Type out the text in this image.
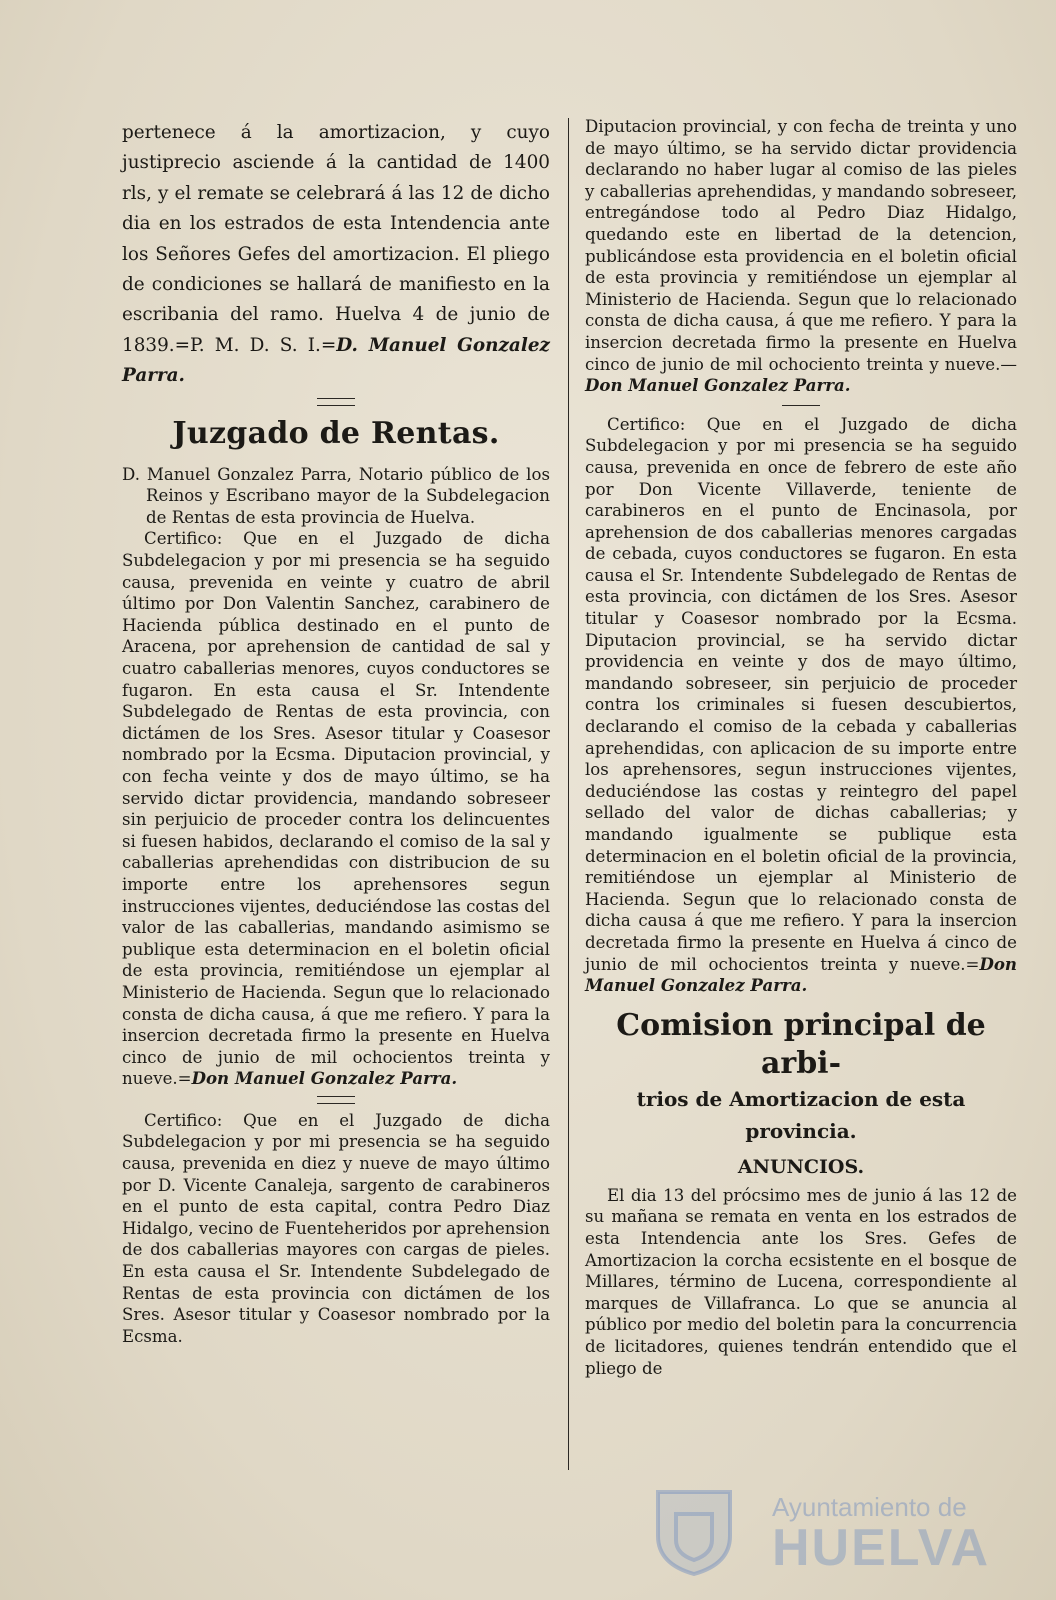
pertenece á la amortizacion, y cuyo justiprecio asciende á la cantidad de 1400 rls, y el remate se celebrará á las 12 de dicho dia en los estrados de esta Intendencia ante los Señores Gefes del amortizacion. El pliego de condiciones se hallará de manifiesto en la escribania del ramo. Huelva 4 de junio de 1839.=P. M. D. S. I.=D. Manuel Gonzalez Parra.

Juzgado de Rentas.

D. Manuel Gonzalez Parra, Notario público de los Reinos y Escribano mayor de la Subdelegacion de Rentas de esta provincia de Huelva.

Certifico: Que en el Juzgado de dicha Subdelegacion y por mi presencia se ha seguido causa, prevenida en veinte y cuatro de abril último por Don Valentin Sanchez, carabinero de Hacienda pública destinado en el punto de Aracena, por aprehension de cantidad de sal y cuatro caballerias menores, cuyos conductores se fugaron. En esta causa el Sr. Intendente Subdelegado de Rentas de esta provincia, con dictámen de los Sres. Asesor titular y Coasesor nombrado por la Ecsma. Diputacion provincial, y con fecha veinte y dos de mayo último, se ha servido dictar providencia, mandando sobreseer sin perjuicio de proceder contra los delincuentes si fuesen habidos, declarando el comiso de la sal y caballerias aprehendidas con distribucion de su importe entre los aprehensores segun instrucciones vijentes, deduciéndose las costas del valor de las caballerias, mandando asimismo se publique esta determinacion en el boletin oficial de esta provincia, remitiéndose un ejemplar al Ministerio de Hacienda. Segun que lo relacionado consta de dicha causa, á que me refiero. Y para la insercion decretada firmo la presente en Huelva cinco de junio de mil ochocientos treinta y nueve.=Don Manuel Gonzalez Parra.

Certifico: Que en el Juzgado de dicha Subdelegacion y por mi presencia se ha seguido causa, prevenida en diez y nueve de mayo último por D. Vicente Canaleja, sargento de carabineros en el punto de esta capital, contra Pedro Diaz Hidalgo, vecino de Fuenteheridos por aprehension de dos caballerias mayores con cargas de pieles. En esta causa el Sr. Intendente Subdelegado de Rentas de esta provincia con dictámen de los Sres. Asesor titular y Coasesor nombrado por la Ecsma.

Diputacion provincial, y con fecha de treinta y uno de mayo último, se ha servido dictar providencia declarando no haber lugar al comiso de las pieles y caballerias aprehendidas, y mandando sobreseer, entregándose todo al Pedro Diaz Hidalgo, quedando este en libertad de la detencion, publicándose esta providencia en el boletin oficial de esta provincia y remitiéndose un ejemplar al Ministerio de Hacienda. Segun que lo relacionado consta de dicha causa, á que me refiero. Y para la insercion decretada firmo la presente en Huelva cinco de junio de mil ochociento treinta y nueve.—Don Manuel Gonzalez Parra.

Certifico: Que en el Juzgado de dicha Subdelegacion y por mi presencia se ha seguido causa, prevenida en once de febrero de este año por Don Vicente Villaverde, teniente de carabineros en el punto de Encinasola, por aprehension de dos caballerias menores cargadas de cebada, cuyos conductores se fugaron. En esta causa el Sr. Intendente Subdelegado de Rentas de esta provincia, con dictámen de los Sres. Asesor titular y Coasesor nombrado por la Ecsma. Diputacion provincial, se ha servido dictar providencia en veinte y dos de mayo último, mandando sobreseer, sin perjuicio de proceder contra los criminales si fuesen descubiertos, declarando el comiso de la cebada y caballerias aprehendidas, con aplicacion de su importe entre los aprehensores, segun instrucciones vijentes, deduciéndose las costas y reintegro del papel sellado del valor de dichas caballerias; y mandando igualmente se publique esta determinacion en el boletin oficial de la provincia, remitiéndose un ejemplar al Ministerio de Hacienda. Segun que lo relacionado consta de dicha causa á que me refiero. Y para la insercion decretada firmo la presente en Huelva á cinco de junio de mil ochocientos treinta y nueve.=Don Manuel Gonzalez Parra.

Comision principal de arbi-
trios de Amortizacion de esta provincia.
ANUNCIOS.

El dia 13 del prócsimo mes de junio á las 12 de su mañana se remata en venta en los estrados de esta Intendencia ante los Sres. Gefes de Amortizacion la corcha ecsistente en el bosque de Millares, término de Lucena, correspondiente al marques de Villafranca. Lo que se anuncia al público por medio del boletin para la concurrencia de licitadores, quienes tendrán entendido que el pliego de

Ayuntamiento de
HUELVA
